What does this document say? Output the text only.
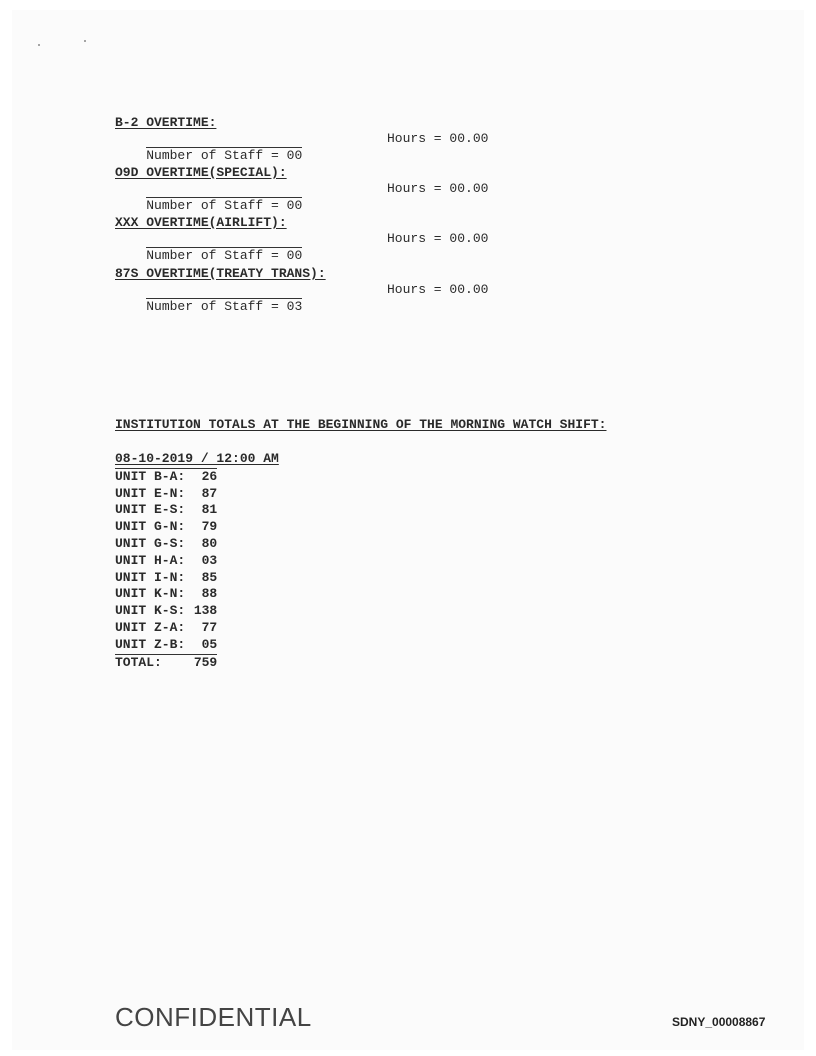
B-2 OVERTIME:

Number of Staff = 00

Hours = 00.00

O9D OVERTIME(SPECIAL):

Number of Staff = 00

Hours = 00.00

XXX OVERTIME(AIRLIFT):

Number of Staff = 00

Hours = 00.00

87S OVERTIME(TREATY TRANS):

Number of Staff = 03

Hours = 00.00

INSTITUTION TOTALS AT THE BEGINNING OF THE MORNING WATCH SHIFT:
08-10-2019 / 12:00 AM
UNIT B-A:	26
UNIT E-N:	87
UNIT E-S:	81
UNIT G-N:	79
UNIT G-S:	80
UNIT H-A:	03
UNIT I-N:	85
UNIT K-N:	88
UNIT K-S:	138
UNIT Z-A:	77
UNIT Z-B:	05
TOTAL:	759
CONFIDENTIAL	SDNY_00008867
